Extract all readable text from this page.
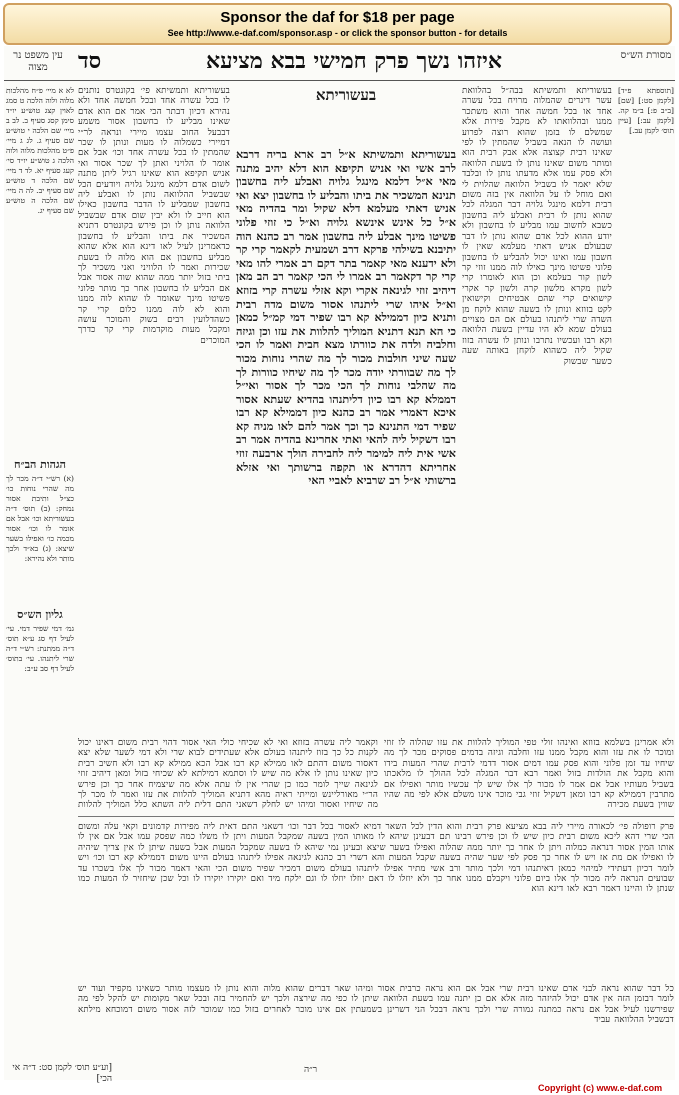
Sponsor the daf for $18 per page
See http://www.e-daf.com/sponsor.asp - or click the sponsor button - for details
עין משפט נר מצוה	סד	איזהו נשך פרק חמישי בבא מציעא	מסורת הש״ס
לא א מיי׳ פ״ח מהלכות מלוה ולוה הלכה ט סמג לאוין קצג טוש״ע יו״ד סימן קסג סעיף ב. לב ב מיי׳ שם הלכה י טוש״ע שם סעיף ג. לג ג מיי׳ פ״ט מהלכות מלוה ולוה הלכה ג טוש״ע יו״ד סי׳ קעג סעיף יא. לד ד מיי׳ שם הלכה ד טוש״ע שם סעיף יב. לה ה מיי׳ שם הלכה ה טוש״ע שם סעיף יג.
הגהות הב״ח
(א) רש״י ד״ה מכר לך מה שהרי נוחות כו׳ כצ״ל ותיבת אסור נמחק: (ב) תוס׳ ד״ה בעשוריתא וכו׳ אבל אם אומר לו וכו׳ אסור מכמה כו׳ ואפילו בשער שיצא: (ג) בא״ד ולכך מותר ולא נהירא:
גליון הש״ס
גמ׳ דמי שפיר דמי. עי׳ לעיל דף סג ע״א תוס׳ ד״ה ממתנת: רש״י ד״ה שרי ליתנהו. עי׳ בתוס׳ לעיל דף סב ע״ב:
בעשוריתא ותמשיתא פי׳ בקונטרס נותנים לו בכל עשרה אחד ובכל חמשה אחד ולא נהירא דכיון דבתר הכי אמר אם הוא אדם שאינו מבליע לו בחשבון אסור משמע דבבעל החוב עצמו מיירי ונראה לר״י דמיירי כשמלוה לו מעות ונותן לו שכר שהמתין לו בכל עשרה אחד וכו׳ אבל אם אומר לו הלויני ואתן לך שכר אסור ואי אניש תקיפא הוא שאינו רגיל ליתן מתנה לשום אדם דלמא מינגל גלויה ויודעים הכל שבשביל ההלוואה נותן לו ואבלע ליה בחשבון שמבליע לו הדבר בחשבון כאילו הוא חייב לו ולא יבין שום אדם שבשביל הלוואה נותן לו וכן פירש בקונטרס דתניא המשכיר את ביתו והבליע לו בחשבון כדאמרינן לעיל לאו דינא הוא אלא שהוא מבליע בחשבון אם הוא מלוה לו בשעת שכירות ואמר לו הלוויני ואני משכיר לך ביתי בזול יותר ממה שהוא שוה אסור אבל אם הבליע לו בחשבון אחר כך מותר פלוני פשיטו מינך שאומר לו שהוא לוה ממנו והוא לא לוה ממנו כלום קרי קר כשהדלועין רבים בשוק והמוכר עושה ומקבל מעות מוקדמות קרי קר כדרך המוכרים
בעשוריתא
בעשוריתא ותמשיתא א״ל רב ארא בריה דרבא לרב אשי ואי אניש תקיפא הוא דלא יהיב מתנה מאי א״ל דלמא מינגל גלויה ואבלע ליה בחשבון תנינא המשכיר את ביתו והבליע לו בחשבון יצא ואי אניש דאתי מעלמא דלא שקיל ומר בהדיה מאי א״ל כל אינש אינשא גלויה וא״ל כי זוזי פלוני פשיטו מינך אבלע ליה בחשבון אמר רב כהנא הוה יתיבנא בשילהי פרקא דרב ושמעית לקאמר קרי קר ולא ידענא מאי קאמר בתר דקם רב אמרי להו מאי קרי קר דקאמר רב אמרו לי הכי קאמר רב הב מאן דיהיב זוזי לגינאה אקרי וקא אזלי עשרה קרי בזוזא וא״ל איהו שרי ליתנהו אסור משום מדה רבית ותניא כיון דממילא קא רבו שפיר דמי קמ״ל כמאן כי הא תנא דתניא המוליך להלוות את עזו וכן וגיזה וחלביה ולדה את כוורתו מצא חבית ואמר לו הכי שעה שיני חולבות מכור לך מה שהרי נוחות מכור לך מה שבוורתי יודה מכר לך מה שיחיו כוורות לך מה שהלבי נוחות לך הכי מכר לך אסור ואי״ל דממלא קא רבו כיון דליתנהו בהדיא שעתא אסור איכא דאמרי אמר רב כהנא כיון דממילא קא רבו שפיר דמי התנינא כך וכך אמר להם לאו מניה קא רבו דשקיל ליה להאי ואתי אחרינא בהדיה אמר רב אשי אית ליה למימר ליה לחבירה הולך ארבעה זוזי אחריתא דהדרא או תקפה ברשותך ואי אזלא ברשותי א״ל רב שרביא לאביי האי
בעשוריתא ותמשיתא בבה״ל בהלוואת עשר דינרים שהמלוה מרויח בכל עשרה אחד או בכל חמשה אחד והוא משתכר ממנו ובהלוואתו לא מקבל פירות אלא שמשלם לו בזמן שהוא רוצה לפרוע ועושה לו הנאה בשביל שהמתין לו לפי שאינו רבית קצוצה אלא אבק רבית הוא ומותר משום שאינו נותן לו בשעת הלוואה ולא פסק עמו אלא מדעתו נותן לו ובלבד שלא יאמר לו בשביל הלוואה שהלוית לי ואם מוחל לו על הלוואה אין בזה משום רבית דלמא מינגל גלויה דבר המגלה לכל שהוא נותן לו רבית ואבלע ליה בחשבון כשבא לחשוב עמו מבליע לו בחשבון ולא יודע ההוא לכל אדם שהוא נותן לו דבר שבעולם אניש דאתי מעלמא שאין לו חשבון עמו ואינו יכול להבליע לו בחשבון פלוני פשיטו מינך כאילו לוה ממנו זוזי קר לשון קור בעלמא וכן הוא לאומרו קרי לשון מקרא מלשון קרה ולשון קר אקרי קישואים קרי שהם אבטיחים וקישואין לקט בזוזא ונותן לו בשעה שהוא לוקח מן השדה שרי ליתנהו בעולם אם הם מצויים בעולם שמא לא היו עדיין בשעת הלוואה וקא רבו ועכשיו נתרבו ונותן לו עשרה בזוז שקיל ליה כשהוא לוקחן באותה שעה כשער שבשוק
[תוספתא פ״ד] [לקמן סט:] [שם] [ב״ב פ:] ב״מ קה. [לקמן עב:] [עיין תוס׳ לקמן עב.]
וקאמר ליה עשרה בזוזא ואי לא שכיחי כולי האי אסור דהוי רבית משום דאינו יכול לקנות כל כך בזוז ליתנהו בעולם אלא שעתידים לבוא שרי ולא דמי לשער שלא יצא דאסור משום דהתם לאו ממילא קא רבו אבל הכא ממילא קא רבו ולא חשיב רבית כיון שאינו נותן לו אלא מה שיש לו וסתמא דמילתא לא שכיחי בזול ומאן דיהיב זוזי לגינאה שייך לומר כמו כן שהרי אין לו עתה אלא מה שיצמיח אחר כך וכן פירש הר״י מאורליינש ומייתי ראיה מהא דתניא המוליך להלוות את עזו ואמר לו מכר לך מה שיחיו ואסור ומיהו יש לחלק דשאני התם דלית ליה השתא כלל המוליך להלוות
ולא אמרינן בשלמא בזוזא ואינהו זולי טפי המוליך להלוות את עזו שהלוה לו זוזי ומוכר לו את עזו והוא מקבל ממנו עזו וחלבה וגיזה בדמים פסוקים מכר לך מה שיחיו עד זמן פלוני והוא פסק עמו דמים אסור דדמי לרבית שהרי המעות בידו והוא מקבל את הולדות בזול ואמר רבא דבר המגלה לכל ההולך לו מלאכתו בשביל מעותיו אבל אם אמר לו מכור לך אלו שיש לך עכשיו מותר ואפילו אם מתרבין דממילא קא רבו ומאן דשקיל זוזי גבי מוכר אינו משלם אלא לפי מה שהיו שווין בשעת מכירה
פרק רופולה פי׳ לכאורה מיירי ליה בבא מציעא פרק רבית והוא הדין לכל השאר דמיא לאסור בכל דבר וכו׳ דשאני התם דאית ליה מפירות קדמונים וקאי עלה ומשום הכי שרי דהא ליכא משום רבית כיון שיש לו וכן פירש רבינו תם דבעינן שיהא לו מאותו המין בשעה שמקבל המעות ויתן לו משלו כמה שפסק עמו אבל אם אין לו אותו המין אסור דנראה כמלוה ויתן לו אחר כך יותר ממה שהלוה ואפילו בשער שיצא ובעינן נמי שיהא לו בשעה שמקבל המעות אבל בשעה שיתן לו אין צריך שיהיה לו ואפילו אם מת אז ויש לו אחר כך פסק לפי שער שהיה בשעה שקבל המעות והא דשרי רב כהנא לגינאה אפילו ליתנהו בעולם היינו משום דממילא קא רבו וכו׳ ויש לומר דכיון דעתידי למיהוי כמאן דאיתנהו דמי ולכך מותר ורב אשי מתיר אפילו ליתנהו בעולם משום דמכיר שפיר משום הכי והאי דאמר מכור לך אלו בשכרו עד שבועים הנראה ליה מכור לך אלו ביום פלוני ויקבלם ממנו אחר כך ולא יוזלו לו דאם יוזלו יוזלו לו וגם ילקח מיד ואם יוקירו יוקירו לו וכל שכן שיחזיר לו המעות כמו שנתן לו והיינו דאמר רבא לאו דינא הוא
כל דבר שהוא נראה לבני אדם שאינו רבית שרי אבל אם הוא נראה כרבית אסור ומיהו שאר דברים שהוא מלוה והוא נותן לו מעצמו מותר כשאינו מקפיד ועוד יש לומר דבזמן הזה אין אדם יכול להיזהר מזה אלא אם כן יתנה עמו בשעת הלוואה שיתן לו כפי מה שירצה ולכך יש להחמיר בזה ובכל שאר מקומות יש להקל לפי מה שפירשנו לעיל אבל אם נראה כמתנה גמורה שרי ולכך נראה דבכל הני דשרינן בשמעתין אם אינו מוכר לאחרים בזול כמו שמוכר לזה אסור משום דמוכחא מילתא דבשביל ההלוואה עביד
[וע״ע תוס׳ לקמן סט: ד״ה אי הכי]
ר״ה
Copyright (c) www.e-daf.com
